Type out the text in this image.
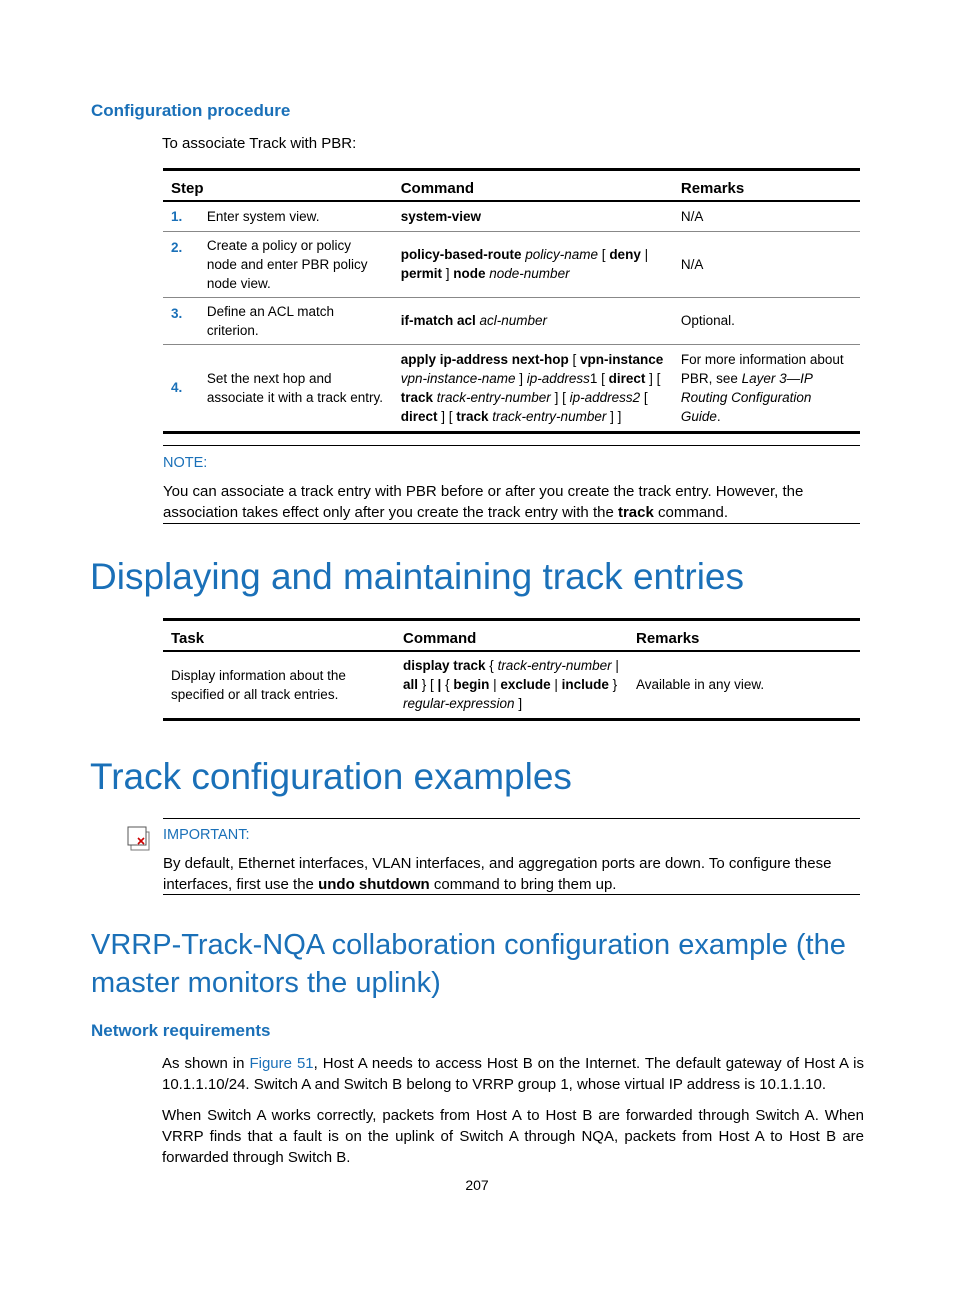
Configuration procedure
To associate Track with PBR:
Step		Command	Remarks
1.	Enter system view.	system-view	N/A
2.	Create a policy or policy node and enter PBR policy node view.	policy-based-route policy-name [ deny | permit ] node node-number	N/A
3.	Define an ACL match criterion.	if-match acl acl-number	Optional.
4.	Set the next hop and associate it with a track entry.	apply ip-address next-hop [ vpn-instance vpn-instance-name ] ip-address1 [ direct ] [ track track-entry-number ] [ ip-address2 [ direct ] [ track track-entry-number ] ]	For more information about PBR, see Layer 3—IP Routing Configuration Guide.
NOTE:
You can associate a track entry with PBR before or after you create the track entry. However, the association takes effect only after you create the track entry with the track command.
Displaying and maintaining track entries
Task	Command	Remarks
Display information about the specified or all track entries.	display track { track-entry-number | all } [ | { begin | exclude | include } regular-expression ]	Available in any view.
Track configuration examples
IMPORTANT:
By default, Ethernet interfaces, VLAN interfaces, and aggregation ports are down. To configure these interfaces, first use the undo shutdown command to bring them up.
VRRP-Track-NQA collaboration configuration example (the master monitors the uplink)
Network requirements
As shown in Figure 51, Host A needs to access Host B on the Internet. The default gateway of Host A is 10.1.1.10/24. Switch A and Switch B belong to VRRP group 1, whose virtual IP address is 10.1.1.10.
When Switch A works correctly, packets from Host A to Host B are forwarded through Switch A. When VRRP finds that a fault is on the uplink of Switch A through NQA, packets from Host A to Host B are forwarded through Switch B.
207
